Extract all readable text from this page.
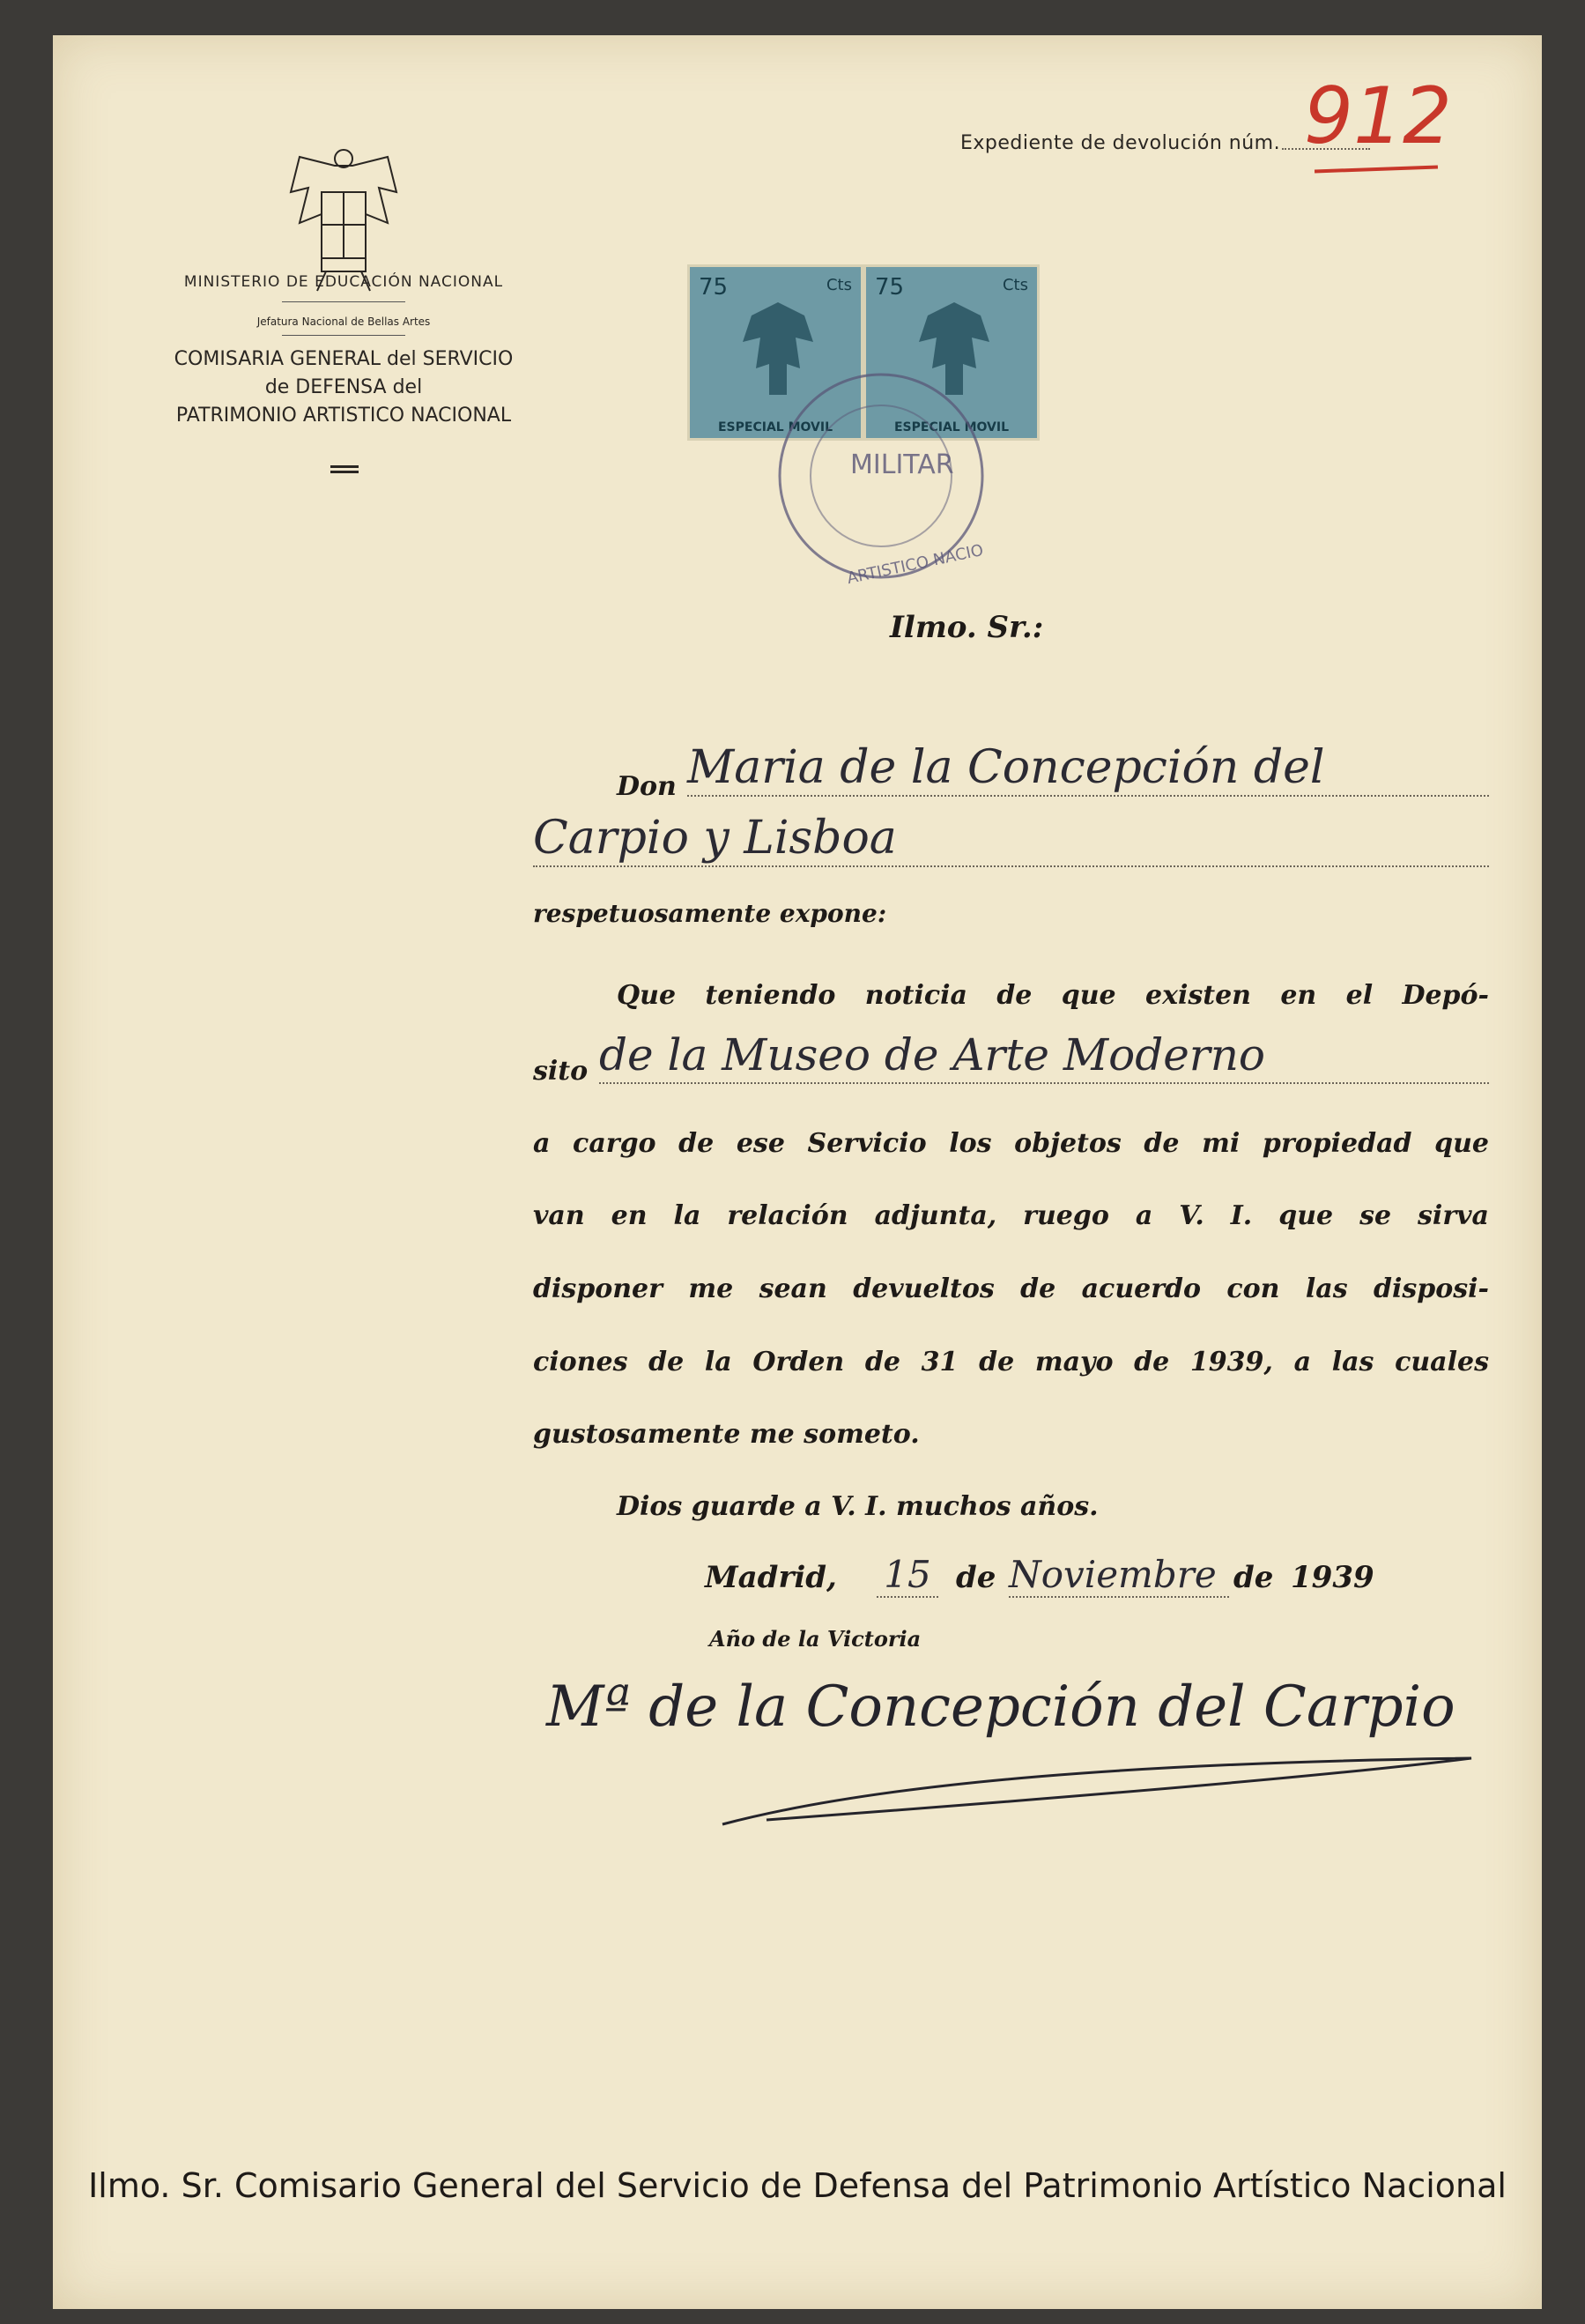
MINISTERIO DE EDUCACIÓN NACIONAL
Jefatura Nacional de Bellas Artes
COMISARIA GENERAL del SERVICIO
de DEFENSA del
PATRIMONIO ARTISTICO NACIONAL
Expediente de devolución núm. 912
75	Cts
ESPECIAL MOVIL
75	Cts
ESPECIAL MOVIL
MILITAR
ARTISTICO NACIO
Ilmo. Sr.:
Don Maria de la Concepción del
Carpio y Lisboa
respetuosamente expone:
Que teniendo noticia de que existen en el Depó-
sito de la Museo de Arte Moderno
a cargo de ese Servicio los objetos de mi propiedad que
van en la relación adjunta, ruego a V. I. que se sirva
disponer me sean devueltos de acuerdo con las disposi-
ciones de la Orden de 31 de mayo de 1939, a las cuales
gustosamente me someto.
Dios guarde a V. I. muchos años.
Madrid, 15 de Noviembre de 1939
Año de la Victoria
Mª de la Concepción del Carpio
Ilmo. Sr. Comisario General del Servicio de Defensa del Patrimonio Artístico Nacional
